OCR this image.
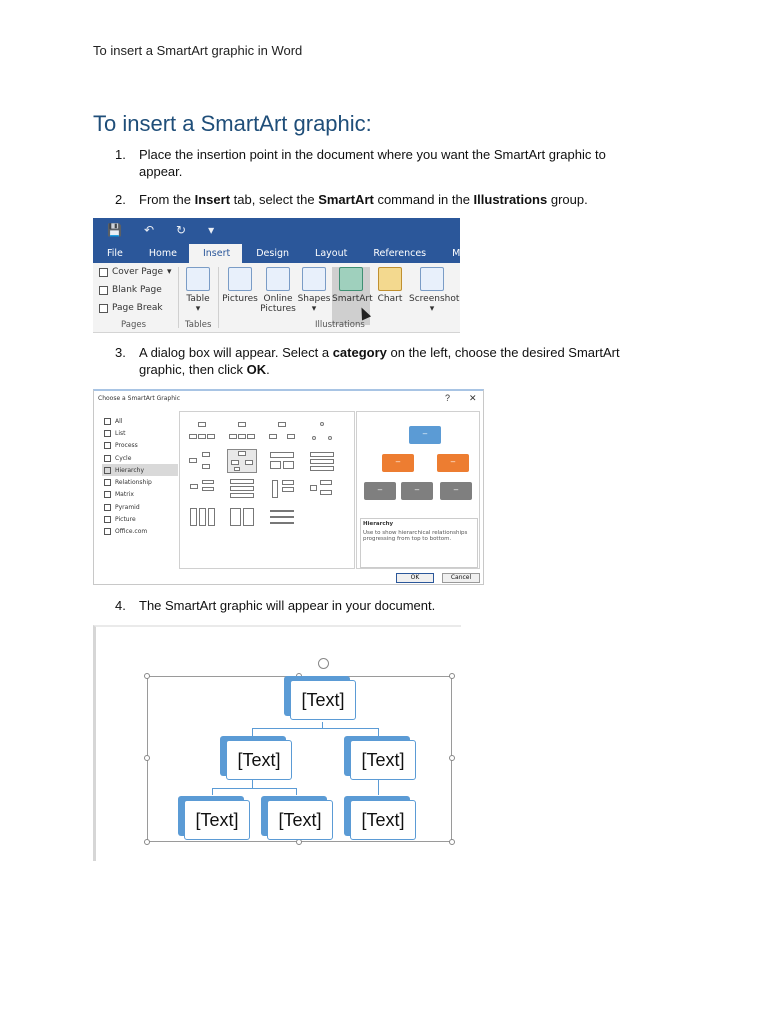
To insert a SmartArt graphic in Word
To insert a SmartArt graphic:
1. Place the insertion point in the document where you want the SmartArt graphic to appear.
2. From the Insert tab, select the SmartArt command in the Illustrations group.
💾 ↶ ↻ ▾
File	Home	Insert	Design	Layout	References	Mailings
Cover Page ▾
Blank Page
Page Break
Pages
Table
▾
Tables
Pictures Online Pictures
Shapes
▾
SmartArt Chart Screenshot
▾
Illustrations
3. A dialog box will appear. Select a category on the left, choose the desired SmartArt graphic, then click OK.
Choose a SmartArt Graphic	? ✕
All
List
Process
Cycle
Hierarchy
Relationship
Matrix
Pyramid
Picture
Office.com
–
–	–
–	–	–
Hierarchy
Use to show hierarchical relationships progressing from top to bottom.
OK	Cancel
4. The SmartArt graphic will appear in your document.
[Text]
[Text]	[Text]
[Text]	[Text]	[Text]
